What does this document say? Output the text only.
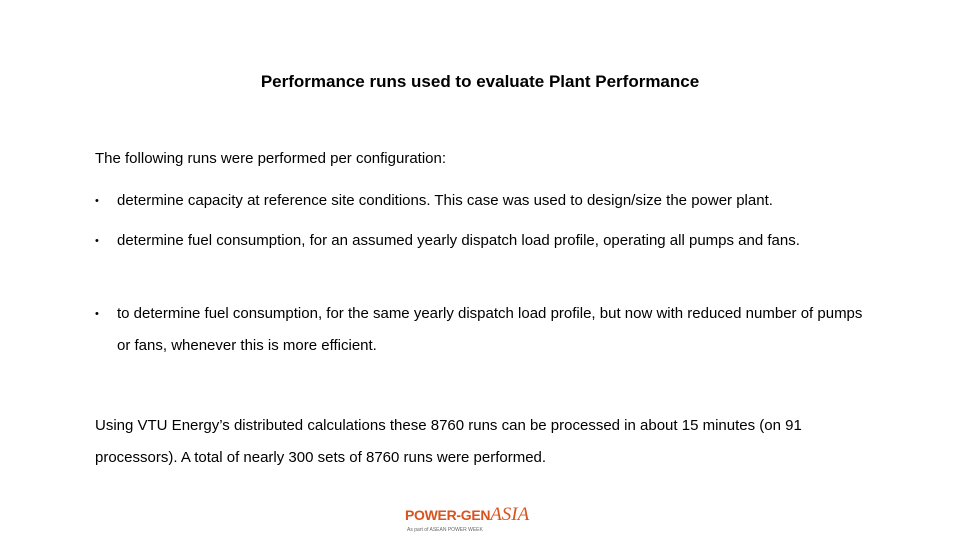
Performance runs used to evaluate Plant Performance
The following runs were performed per configuration:
•	determine capacity at reference site conditions. This case was used to design/size the power plant.
•	determine fuel consumption, for an assumed yearly dispatch load profile, operating all pumps and fans.
•	to determine fuel consumption, for the same yearly dispatch load profile, but now with reduced number of pumps or fans, whenever this is more efficient.
Using VTU Energy’s distributed calculations these 8760 runs can be processed in about 15 minutes (on 91 processors). A total of nearly 300 sets of 8760 runs were performed.
POWER-GENASIA
As part of ASEAN POWER WEEK
